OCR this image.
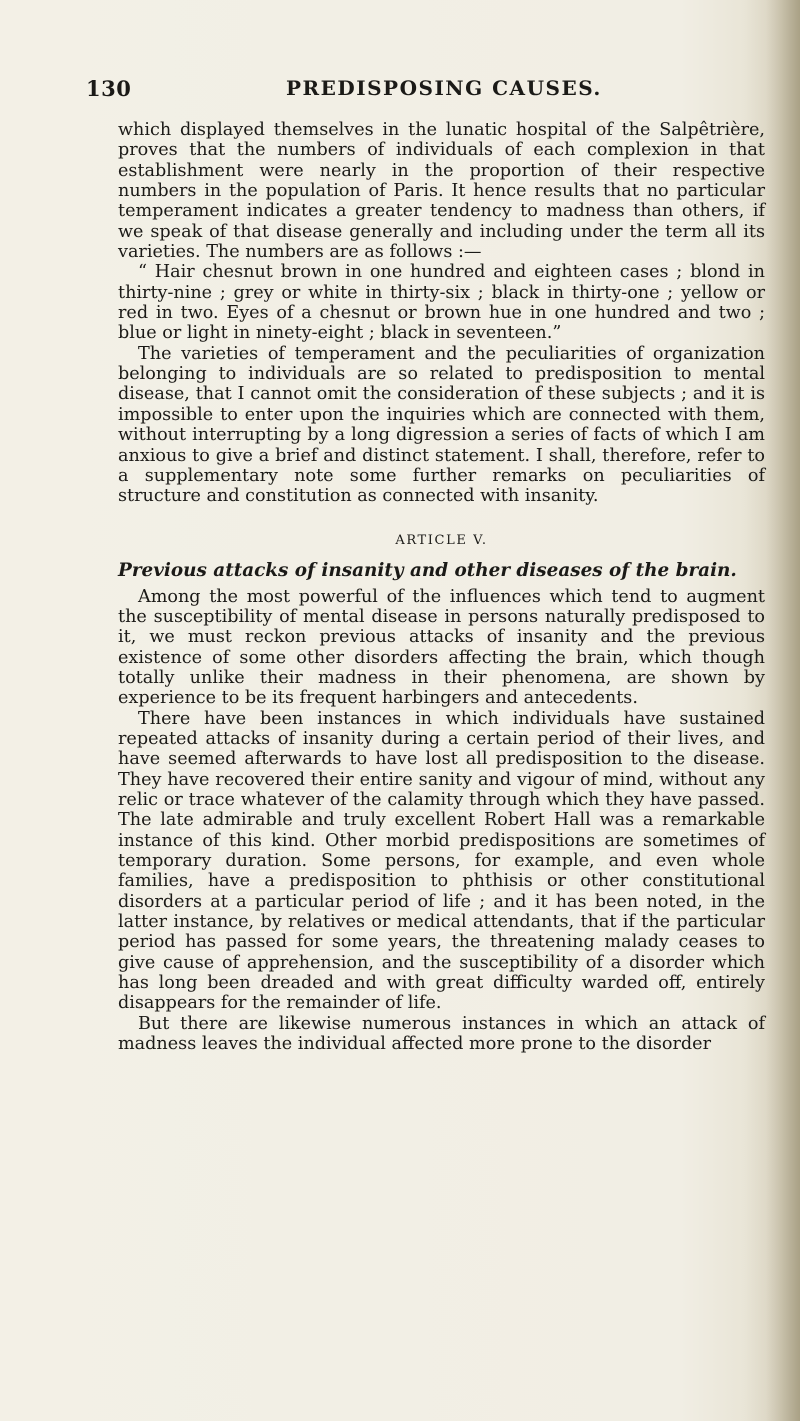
130	PREDISPOSING CAUSES.

which displayed themselves in the lunatic hospital of the Salpêtrière, proves that the numbers of individuals of each complexion in that establishment were nearly in the proportion of their respective numbers in the population of Paris. It hence results that no particular temperament indicates a greater tendency to madness than others, if we speak of that disease generally and including under the term all its varieties. The numbers are as follows :—

“ Hair chesnut brown in one hundred and eighteen cases ; blond in thirty-nine ; grey or white in thirty-six ; black in thirty-one ; yellow or red in two. Eyes of a chesnut or brown hue in one hundred and two ; blue or light in ninety-eight ; black in seventeen.”

The varieties of temperament and the peculiarities of organization belonging to individuals are so related to predisposition to mental disease, that I cannot omit the consideration of these subjects ; and it is impossible to enter upon the inquiries which are connected with them, without interrupting by a long digression a series of facts of which I am anxious to give a brief and distinct statement. I shall, therefore, refer to a supplementary note some further remarks on peculiarities of structure and constitution as connected with insanity.

ARTICLE V.
Previous attacks of insanity and other diseases of the brain.

Among the most powerful of the influences which tend to augment the susceptibility of mental disease in persons naturally predisposed to it, we must reckon previous attacks of insanity and the previous existence of some other disorders affecting the brain, which though totally unlike their madness in their phenomena, are shown by experience to be its frequent harbingers and antecedents.

There have been instances in which individuals have sustained repeated attacks of insanity during a certain period of their lives, and have seemed afterwards to have lost all predisposition to the disease. They have recovered their entire sanity and vigour of mind, without any relic or trace whatever of the calamity through which they have passed. The late admirable and truly excellent Robert Hall was a remarkable instance of this kind. Other morbid predispositions are sometimes of temporary duration. Some persons, for example, and even whole families, have a predisposition to phthisis or other constitutional disorders at a particular period of life ; and it has been noted, in the latter instance, by relatives or medical attendants, that if the particular period has passed for some years, the threatening malady ceases to give cause of apprehension, and the susceptibility of a disorder which has long been dreaded and with great difficulty warded off, entirely disappears for the remainder of life.

But there are likewise numerous instances in which an attack of madness leaves the individual affected more prone to the disorder
